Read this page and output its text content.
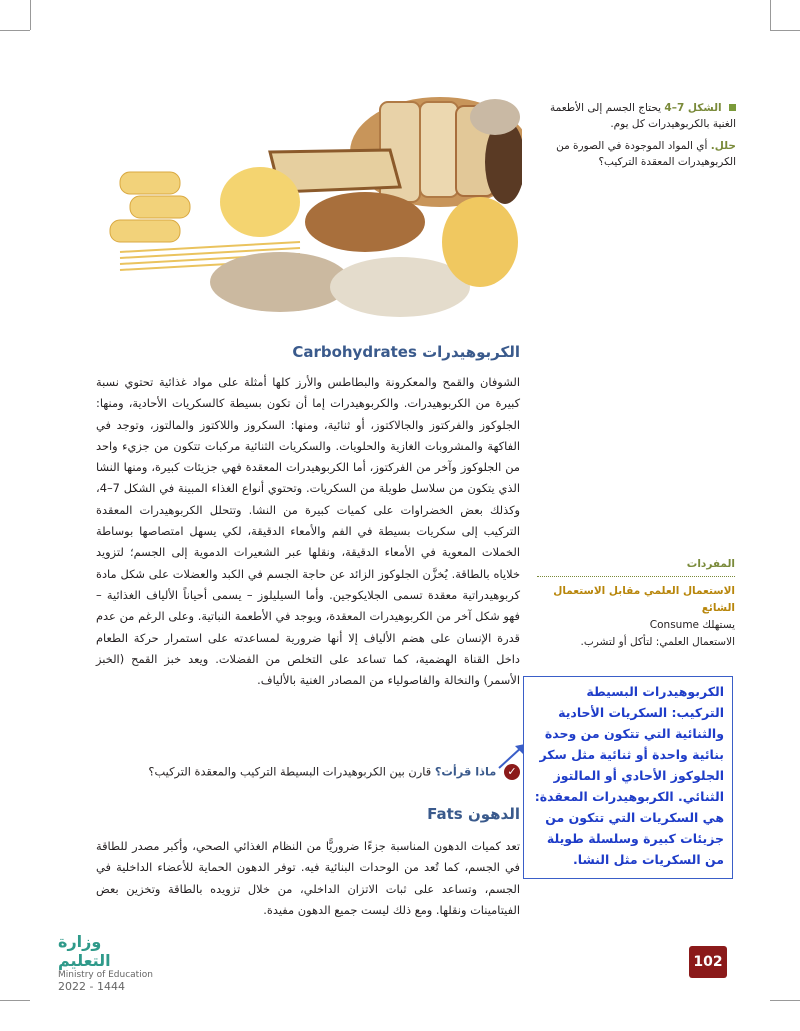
الشكل 7–4 يحتاج الجسم إلى الأطعمة الغنية بالكربوهيدرات كل يوم.
حلل. أي المواد الموجودة في الصورة من الكربوهيدرات المعقدة التركيب؟
الكربوهيدرات Carbohydrates
الشوفان والقمح والمعكرونة والبطاطس والأرز كلها أمثلة على مواد غذائية تحتوي نسبة كبيرة من الكربوهيدرات. والكربوهيدرات إما أن تكون بسيطة كالسكريات الأحادية، ومنها: الجلوكوز والفركتوز والجالاكتوز، أو ثنائية، ومنها: السكروز واللاكتوز والمالتوز، وتوجد في الفاكهة والمشروبات الغازية والحلويات. والسكريات الثنائية مركبات تتكون من جزيء واحد من الجلوكوز وآخر من الفركتوز، أما الكربوهيدرات المعقدة فهي جزيئات كبيرة، ومنها النشا الذي يتكون من سلاسل طويلة من السكريات. وتحتوي أنواع الغذاء المبينة في الشكل 7–4، وكذلك بعض الخضراوات على كميات كبيرة من النشا. وتتحلل الكربوهيدرات المعقدة التركيب إلى سكريات بسيطة في الفم والأمعاء الدقيقة، لكي يسهل امتصاصها بوساطة الخملات المعوية في الأمعاء الدقيقة، ونقلها عبر الشعيرات الدموية إلى الجسم؛ لتزويد خلاياه بالطاقة. يُخزَّن الجلوكوز الزائد عن حاجة الجسم في الكبد والعضلات على شكل مادة كربوهيدراتية معقدة تسمى الجلايكوجين. وأما السيليلوز – يسمى أحياناً الألياف الغذائية – فهو شكل آخر من الكربوهيدرات المعقدة، ويوجد في الأطعمة النباتية. وعلى الرغم من عدم قدرة الإنسان على هضم الألياف إلا أنها ضرورية لمساعدته على استمرار حركة الطعام داخل القناة الهضمية، كما تساعد على التخلص من الفضلات. ويعد خبز القمح (الخبز الأسمر) والنخالة والفاصولياء من المصادر الغنية بالألياف.
✓ ماذا قرأت؟ قارن بين الكربوهيدرات البسيطة التركيب والمعقدة التركيب؟
الدهون Fats
تعد كميات الدهون المناسبة جزءًا ضروريًّا من النظام الغذائي الصحي، وأكبر مصدر للطاقة في الجسم، كما تُعد من الوحدات البنائية فيه. توفر الدهون الحماية للأعضاء الداخلية في الجسم، وتساعد على ثبات الاتزان الداخلي، من خلال تزويده بالطاقة وتخزين بعض الفيتامينات ونقلها. ومع ذلك ليست جميع الدهون مفيدة.
المفردات
الاستعمال العلمي مقابل الاستعمال الشائع
يستهلك Consume
الاستعمال العلمي: لتأكل أو لتشرب.
الكربوهيدرات البسيطة التركيب: السكريات الأحادية والثنائية التي تتكون من وحدة بنائية واحدة أو ثنائية مثل سكر الجلوكوز الأحادي أو المالتوز الثنائي. الكربوهيدرات المعقدة: هي السكريات التي تتكون من جزيئات كبيرة وسلسلة طويلة من السكريات مثل النشا.
وزارة التعليم
Ministry of Education
2022 - 1444
102
